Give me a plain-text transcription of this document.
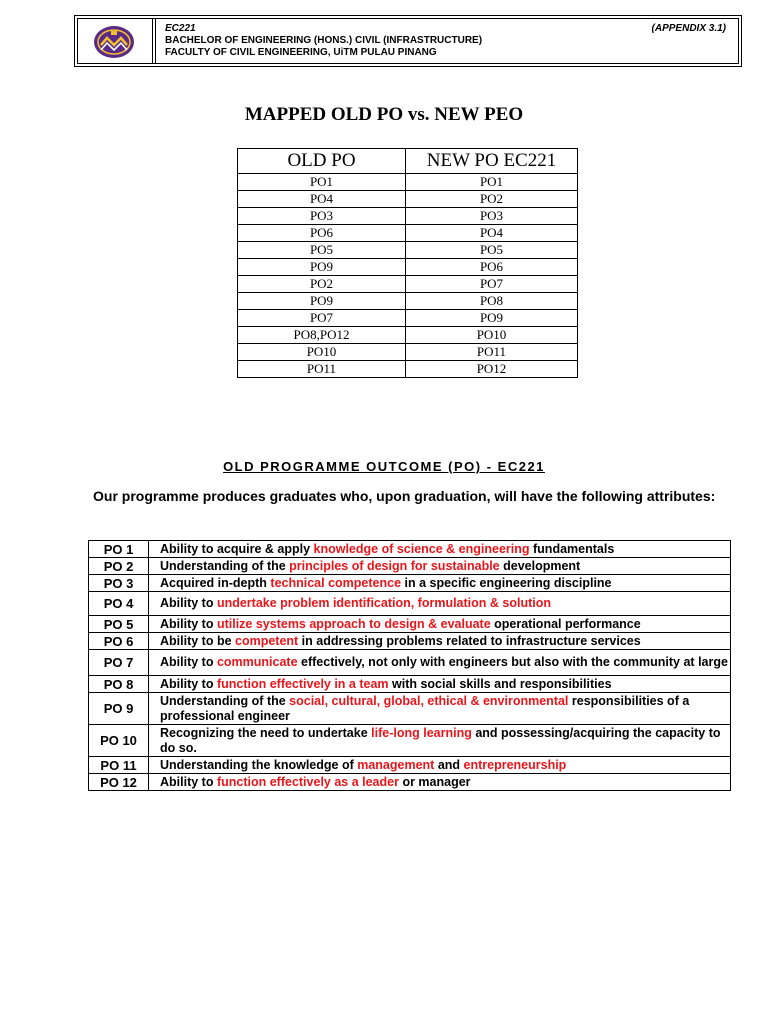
EC221
BACHELOR OF ENGINEERING (HONS.) CIVIL (INFRASTRUCTURE)
FACULTY OF CIVIL ENGINEERING, UiTM PULAU PINANG
(APPENDIX 3.1)
MAPPED OLD PO vs. NEW PEO
OLD PO	NEW PO EC221
PO1	PO1
PO4	PO2
PO3	PO3
PO6	PO4
PO5	PO5
PO9	PO6
PO2	PO7
PO9	PO8
PO7	PO9
PO8,PO12	PO10
PO10	PO11
PO11	PO12
OLD PROGRAMME OUTCOME (PO) - EC221
Our programme produces graduates who, upon graduation, will have the following attributes:
PO 1	Ability to acquire & apply knowledge of science & engineering fundamentals
PO 2	Understanding of the principles of design for sustainable development
PO 3	Acquired in-depth technical competence in a specific engineering discipline
PO 4	Ability to undertake problem identification, formulation & solution
PO 5	Ability to utilize systems approach to design & evaluate operational performance
PO 6	Ability to be competent in addressing problems related to infrastructure services
PO 7	Ability to communicate effectively, not only with engineers but also with the community at large
PO 8	Ability to function effectively in a team with social skills and responsibilities
PO 9	Understanding of the social, cultural, global, ethical & environmental responsibilities of a professional engineer
PO 10	Recognizing the need to undertake life-long learning and possessing/acquiring the capacity to do so.
PO 11	Understanding the knowledge of management and entrepreneurship
PO 12	Ability to function effectively as a leader or manager
